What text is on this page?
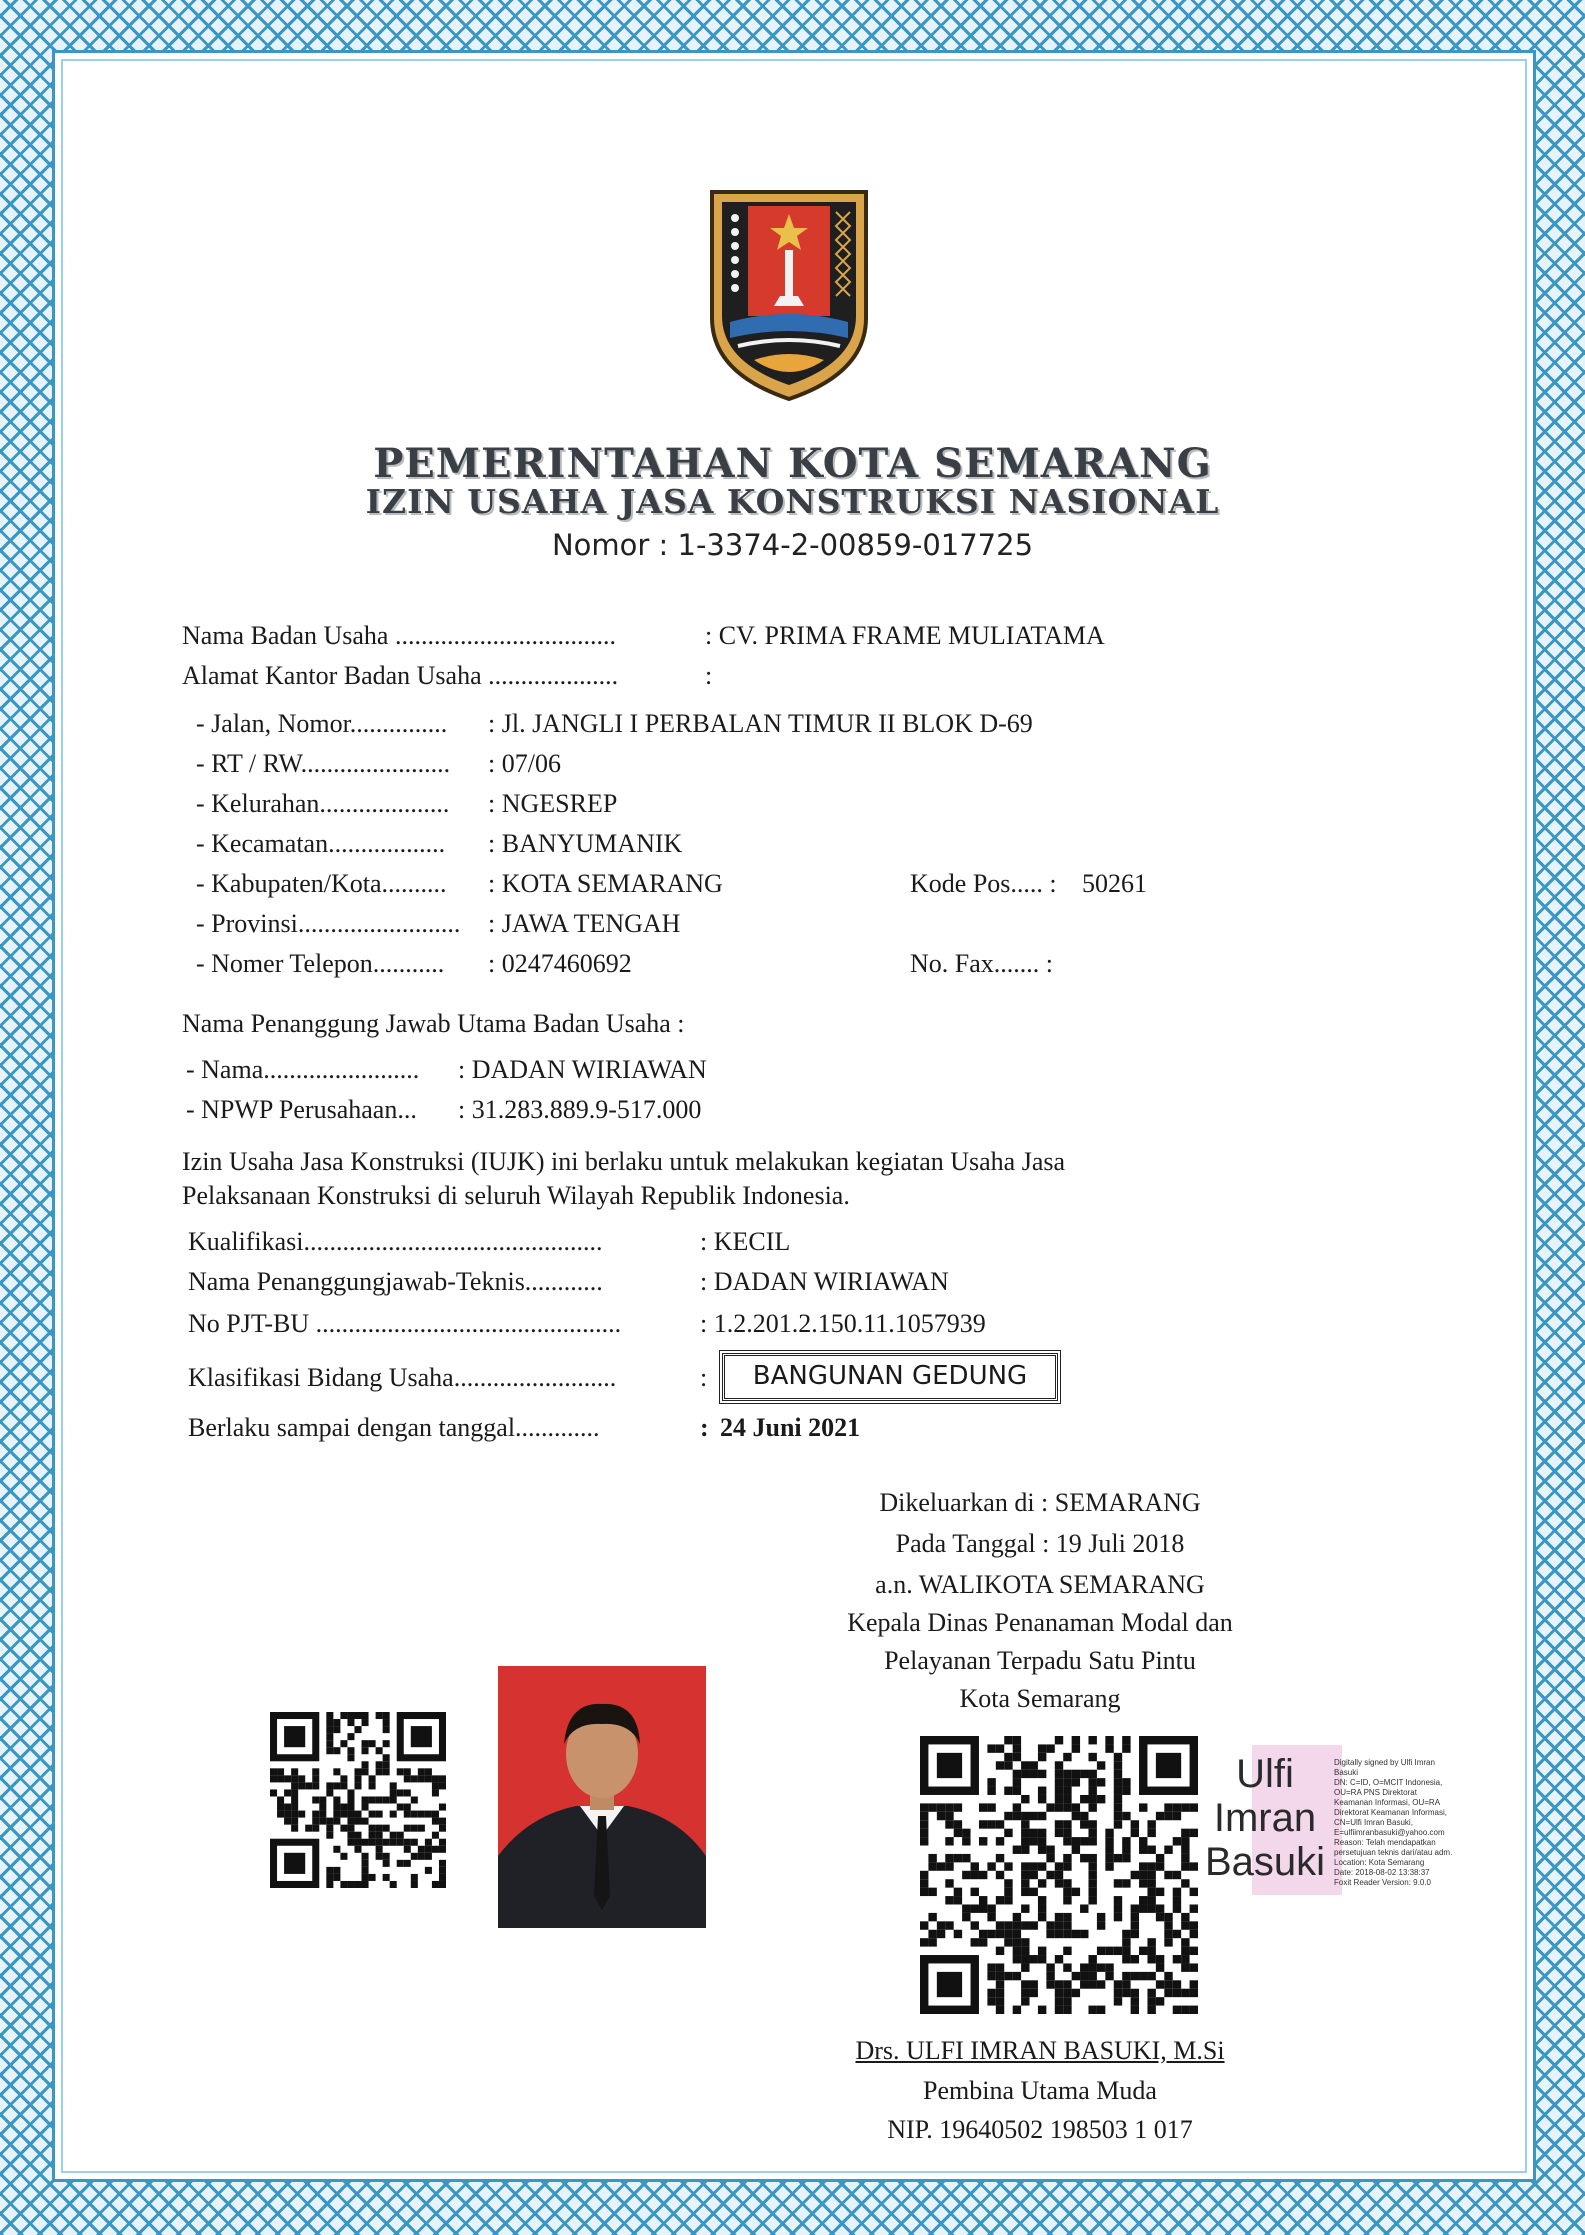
PEMERINTAHAN KOTA SEMARANG
IZIN USAHA JASA KONSTRUKSI NASIONAL
Nomor : 1-3374-2-00859-017725
Nama Badan Usaha ..................................	: CV. PRIMA FRAME MULIATAMA
Alamat Kantor Badan Usaha ....................	:
- Jalan, Nomor............... : Jl. JANGLI I PERBALAN TIMUR II BLOK D-69
- RT / RW....................... : 07/06
- Kelurahan.................... : NGESREP
- Kecamatan.................. : BANYUMANIK
- Kabupaten/Kota.......... : KOTA SEMARANG	Kode Pos..... : 50261
- Provinsi......................... : JAWA TENGAH
- Nomer Telepon........... : 0247460692	No. Fax....... :
Nama Penanggung Jawab Utama Badan Usaha :
- Nama........................ : DADAN WIRIAWAN
- NPWP Perusahaan... : 31.283.889.9-517.000
Izin Usaha Jasa Konstruksi (IUJK) ini berlaku untuk melakukan kegiatan Usaha Jasa
Pelaksanaan Konstruksi di seluruh Wilayah Republik Indonesia.
Kualifikasi..............................................	: KECIL
Nama Penanggungjawab-Teknis............	: DADAN WIRIAWAN
No PJT-BU ...............................................	: 1.2.201.2.150.11.1057939
Klasifikasi Bidang Usaha.........................	:	BANGUNAN GEDUNG
Berlaku sampai dengan tanggal.............	: 24 Juni 2021
Dikeluarkan di : SEMARANG
Pada Tanggal : 19 Juli 2018
a.n. WALIKOTA SEMARANG
Kepala Dinas Penanaman Modal dan
Pelayanan Terpadu Satu Pintu
Kota Semarang
Ulfi
Imran
Basuki
Digitally signed by Ulfi Imran
Basuki
DN: C=ID, O=MCIT Indonesia,
OU=RA PNS Direktorat
Keamanan Informasi, OU=RA
Direktorat Keamanan Informasi,
CN=Ulfi Imran Basuki,
E=ulfiimranbasuki@yahoo.com
Reason: Telah mendapatkan
persetujuan teknis dari/atau adm.
Location: Kota Semarang
Date: 2018-08-02 13:38:37
Foxit Reader Version: 9.0.0
Drs. ULFI IMRAN BASUKI, M.Si
Pembina Utama Muda
NIP. 19640502 198503 1 017
